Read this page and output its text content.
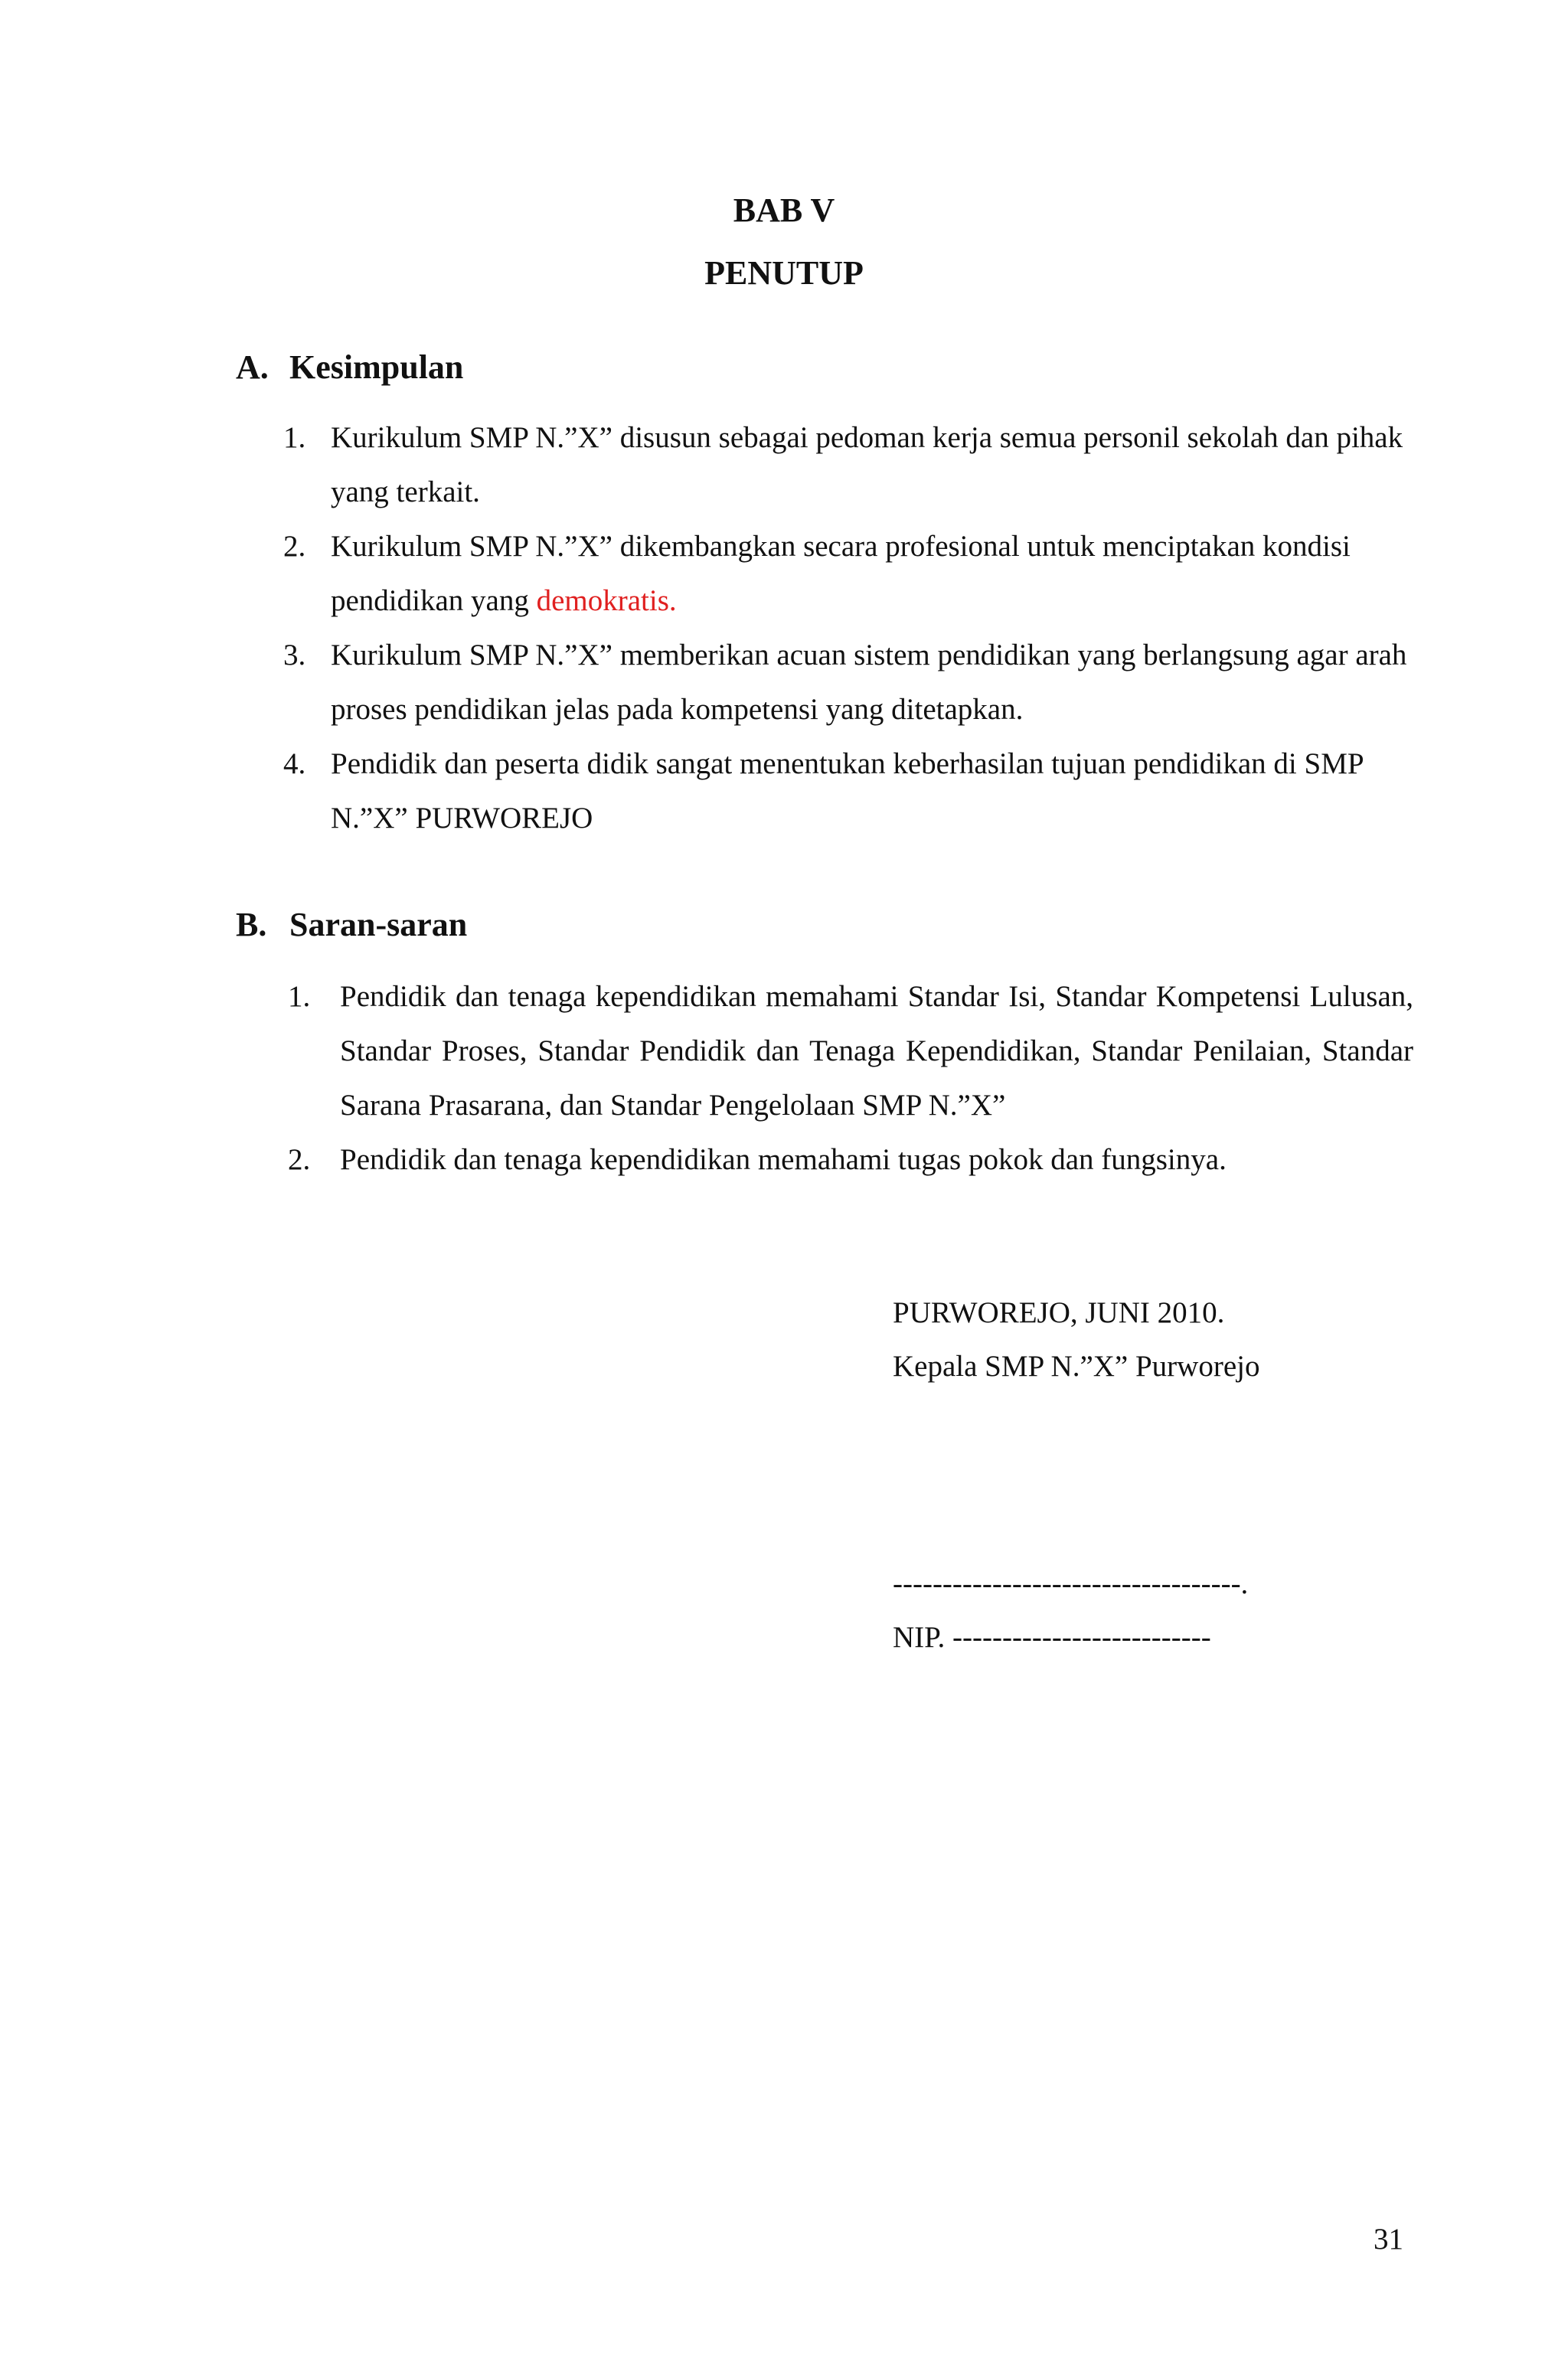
BAB V
PENUTUP
A. Kesimpulan
1. Kurikulum SMP N.”X” disusun sebagai pedoman kerja semua personil sekolah dan pihak yang terkait.
2. Kurikulum SMP N.”X” dikembangkan secara profesional untuk menciptakan kondisi pendidikan yang demokratis.
3. Kurikulum SMP N.”X” memberikan acuan sistem pendidikan yang berlangsung agar arah proses pendidikan jelas pada kompetensi yang ditetapkan.
4. Pendidik dan peserta didik sangat menentukan keberhasilan tujuan pendidikan di SMP N.”X” PURWOREJO
B. Saran-saran
1. Pendidik dan tenaga kependidikan memahami Standar Isi, Standar Kompetensi Lulusan, Standar Proses, Standar Pendidik dan Tenaga Kependidikan, Standar Penilaian, Standar Sarana Prasarana, dan Standar Pengelolaan SMP N.”X”
2. Pendidik dan tenaga kependidikan memahami tugas pokok dan fungsinya.
PURWOREJO, JUNI 2010.
Kepala SMP N.”X” Purworejo
-----------------------------------.
NIP. --------------------------
31
